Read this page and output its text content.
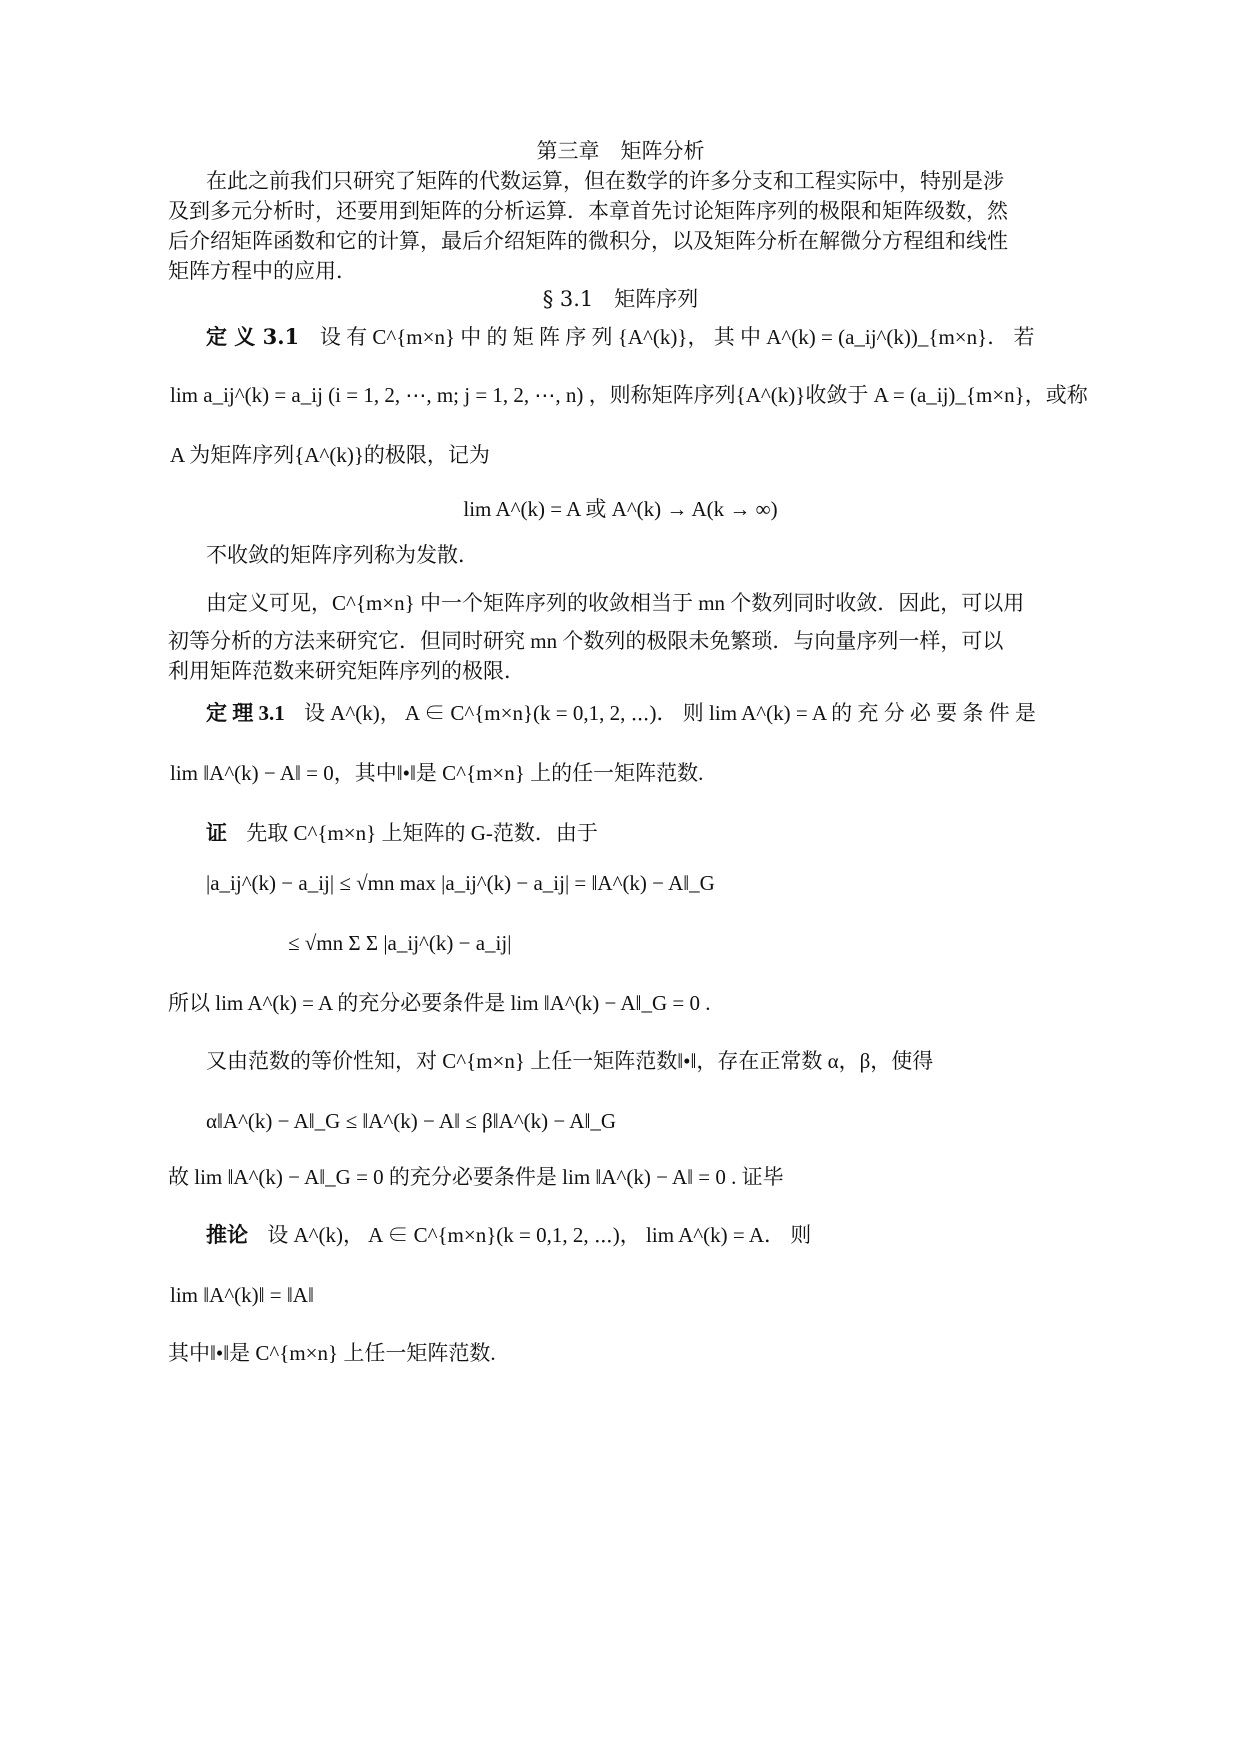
第三章　矩阵分析
在此之前我们只研究了矩阵的代数运算，但在数学的许多分支和工程实际中，特别是涉
及到多元分析时，还要用到矩阵的分析运算．本章首先讨论矩阵序列的极限和矩阵级数，然
后介绍矩阵函数和它的计算，最后介绍矩阵的微积分，以及矩阵分析在解微分方程组和线性
矩阵方程中的应用．
§ 3.1　矩阵序列
定 义 3.1 设 有 C^{m×n} 中 的 矩 阵 序 列 {A^(k)}， 其 中 A^(k) = (a_ij^(k))_{m×n}． 若
lim a_ij^(k) = a_ij (i = 1, 2, ⋯, m; j = 1, 2, ⋯, n) ，则称矩阵序列{A^(k)}收敛于 A = (a_ij)_{m×n}，或称
A 为矩阵序列{A^(k)}的极限，记为
lim A^(k) = A 或 A^(k) → A(k → ∞)
不收敛的矩阵序列称为发散．
由定义可见，C^{m×n} 中一个矩阵序列的收敛相当于 mn 个数列同时收敛．因此，可以用
初等分析的方法来研究它．但同时研究 mn 个数列的极限未免繁琐．与向量序列一样，可以
利用矩阵范数来研究矩阵序列的极限．
定 理 3.1 设 A^(k)， A ∈ C^{m×n}(k = 0,1, 2, ⋯)． 则 lim A^(k) = A 的 充 分 必 要 条 件 是
lim ‖A^(k) − A‖ = 0，其中‖•‖是 C^{m×n} 上的任一矩阵范数.
证 先取 C^{m×n} 上矩阵的 G-范数．由于
|a_ij^(k) − a_ij| ≤ √mn max |a_ij^(k) − a_ij| = ‖A^(k) − A‖_G
≤ √mn Σ Σ |a_ij^(k) − a_ij|
所以 lim A^(k) = A 的充分必要条件是 lim ‖A^(k) − A‖_G = 0 .
又由范数的等价性知，对 C^{m×n} 上任一矩阵范数‖•‖，存在正常数 α，β，使得
α‖A^(k) − A‖_G ≤ ‖A^(k) − A‖ ≤ β‖A^(k) − A‖_G
故 lim ‖A^(k) − A‖_G = 0 的充分必要条件是 lim ‖A^(k) − A‖ = 0 . 证毕
推论 设 A^(k)， A ∈ C^{m×n}(k = 0,1, 2, ⋯)， lim A^(k) = A． 则
lim ‖A^(k)‖ = ‖A‖
其中‖•‖是 C^{m×n} 上任一矩阵范数.
